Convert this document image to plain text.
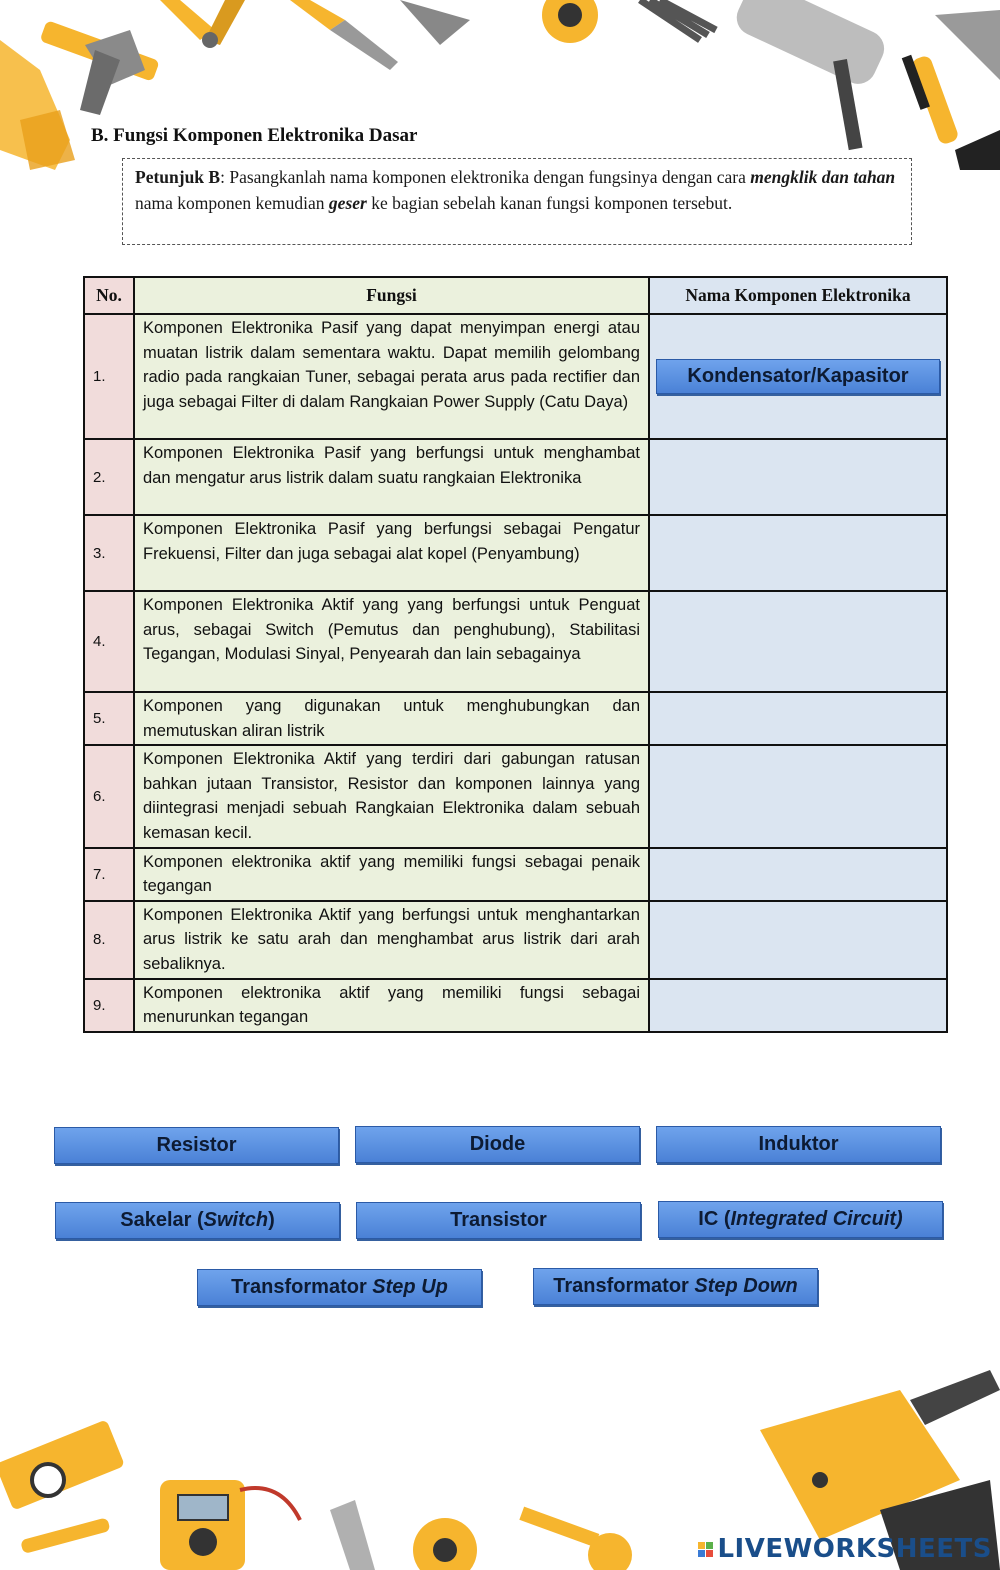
B. Fungsi Komponen Elektronika Dasar
Petunjuk B: Pasangkanlah nama komponen elektronika dengan fungsinya dengan cara mengklik dan tahan nama komponen kemudian geser ke bagian sebelah kanan fungsi komponen tersebut.
No.	Fungsi	Nama Komponen Elektronika
1.	Komponen Elektronika Pasif yang dapat menyimpan energi atau muatan listrik dalam sementara waktu. Dapat memilih gelombang radio pada rangkaian Tuner, sebagai perata arus pada rectifier dan juga sebagai Filter di dalam Rangkaian Power Supply (Catu Daya)	Kondensator/Kapasitor

2.	Komponen Elektronika Pasif yang berfungsi untuk menghambat dan mengatur arus listrik dalam suatu rangkaian Elektronika	
3.	Komponen Elektronika Pasif yang berfungsi sebagai Pengatur Frekuensi, Filter dan juga sebagai alat kopel (Penyambung)	
4.	Komponen Elektronika Aktif yang yang berfungsi untuk Penguat arus, sebagai Switch (Pemutus dan penghubung), Stabilitasi Tegangan, Modulasi Sinyal, Penyearah dan lain sebagainya	
5.	Komponen yang digunakan untuk menghubungkan dan memutuskan aliran listrik	
6.	Komponen Elektronika Aktif yang terdiri dari gabungan ratusan bahkan jutaan Transistor, Resistor dan komponen lainnya yang diintegrasi menjadi sebuah Rangkaian Elektronika dalam sebuah kemasan kecil.	
7.	Komponen elektronika aktif yang memiliki fungsi sebagai penaik tegangan	
8.	Komponen Elektronika Aktif yang berfungsi untuk menghantarkan arus listrik ke satu arah dan menghambat arus listrik dari arah sebaliknya.	
9.	Komponen elektronika aktif yang memiliki fungsi sebagai menurunkan tegangan	
Resistor	Diode	Induktor
Sakelar ( Switch )	Transistor	IC ( Integrated Circuit)
Transformator
Step Up	Transformator
Step Down
LIVEWORKSHEETS
